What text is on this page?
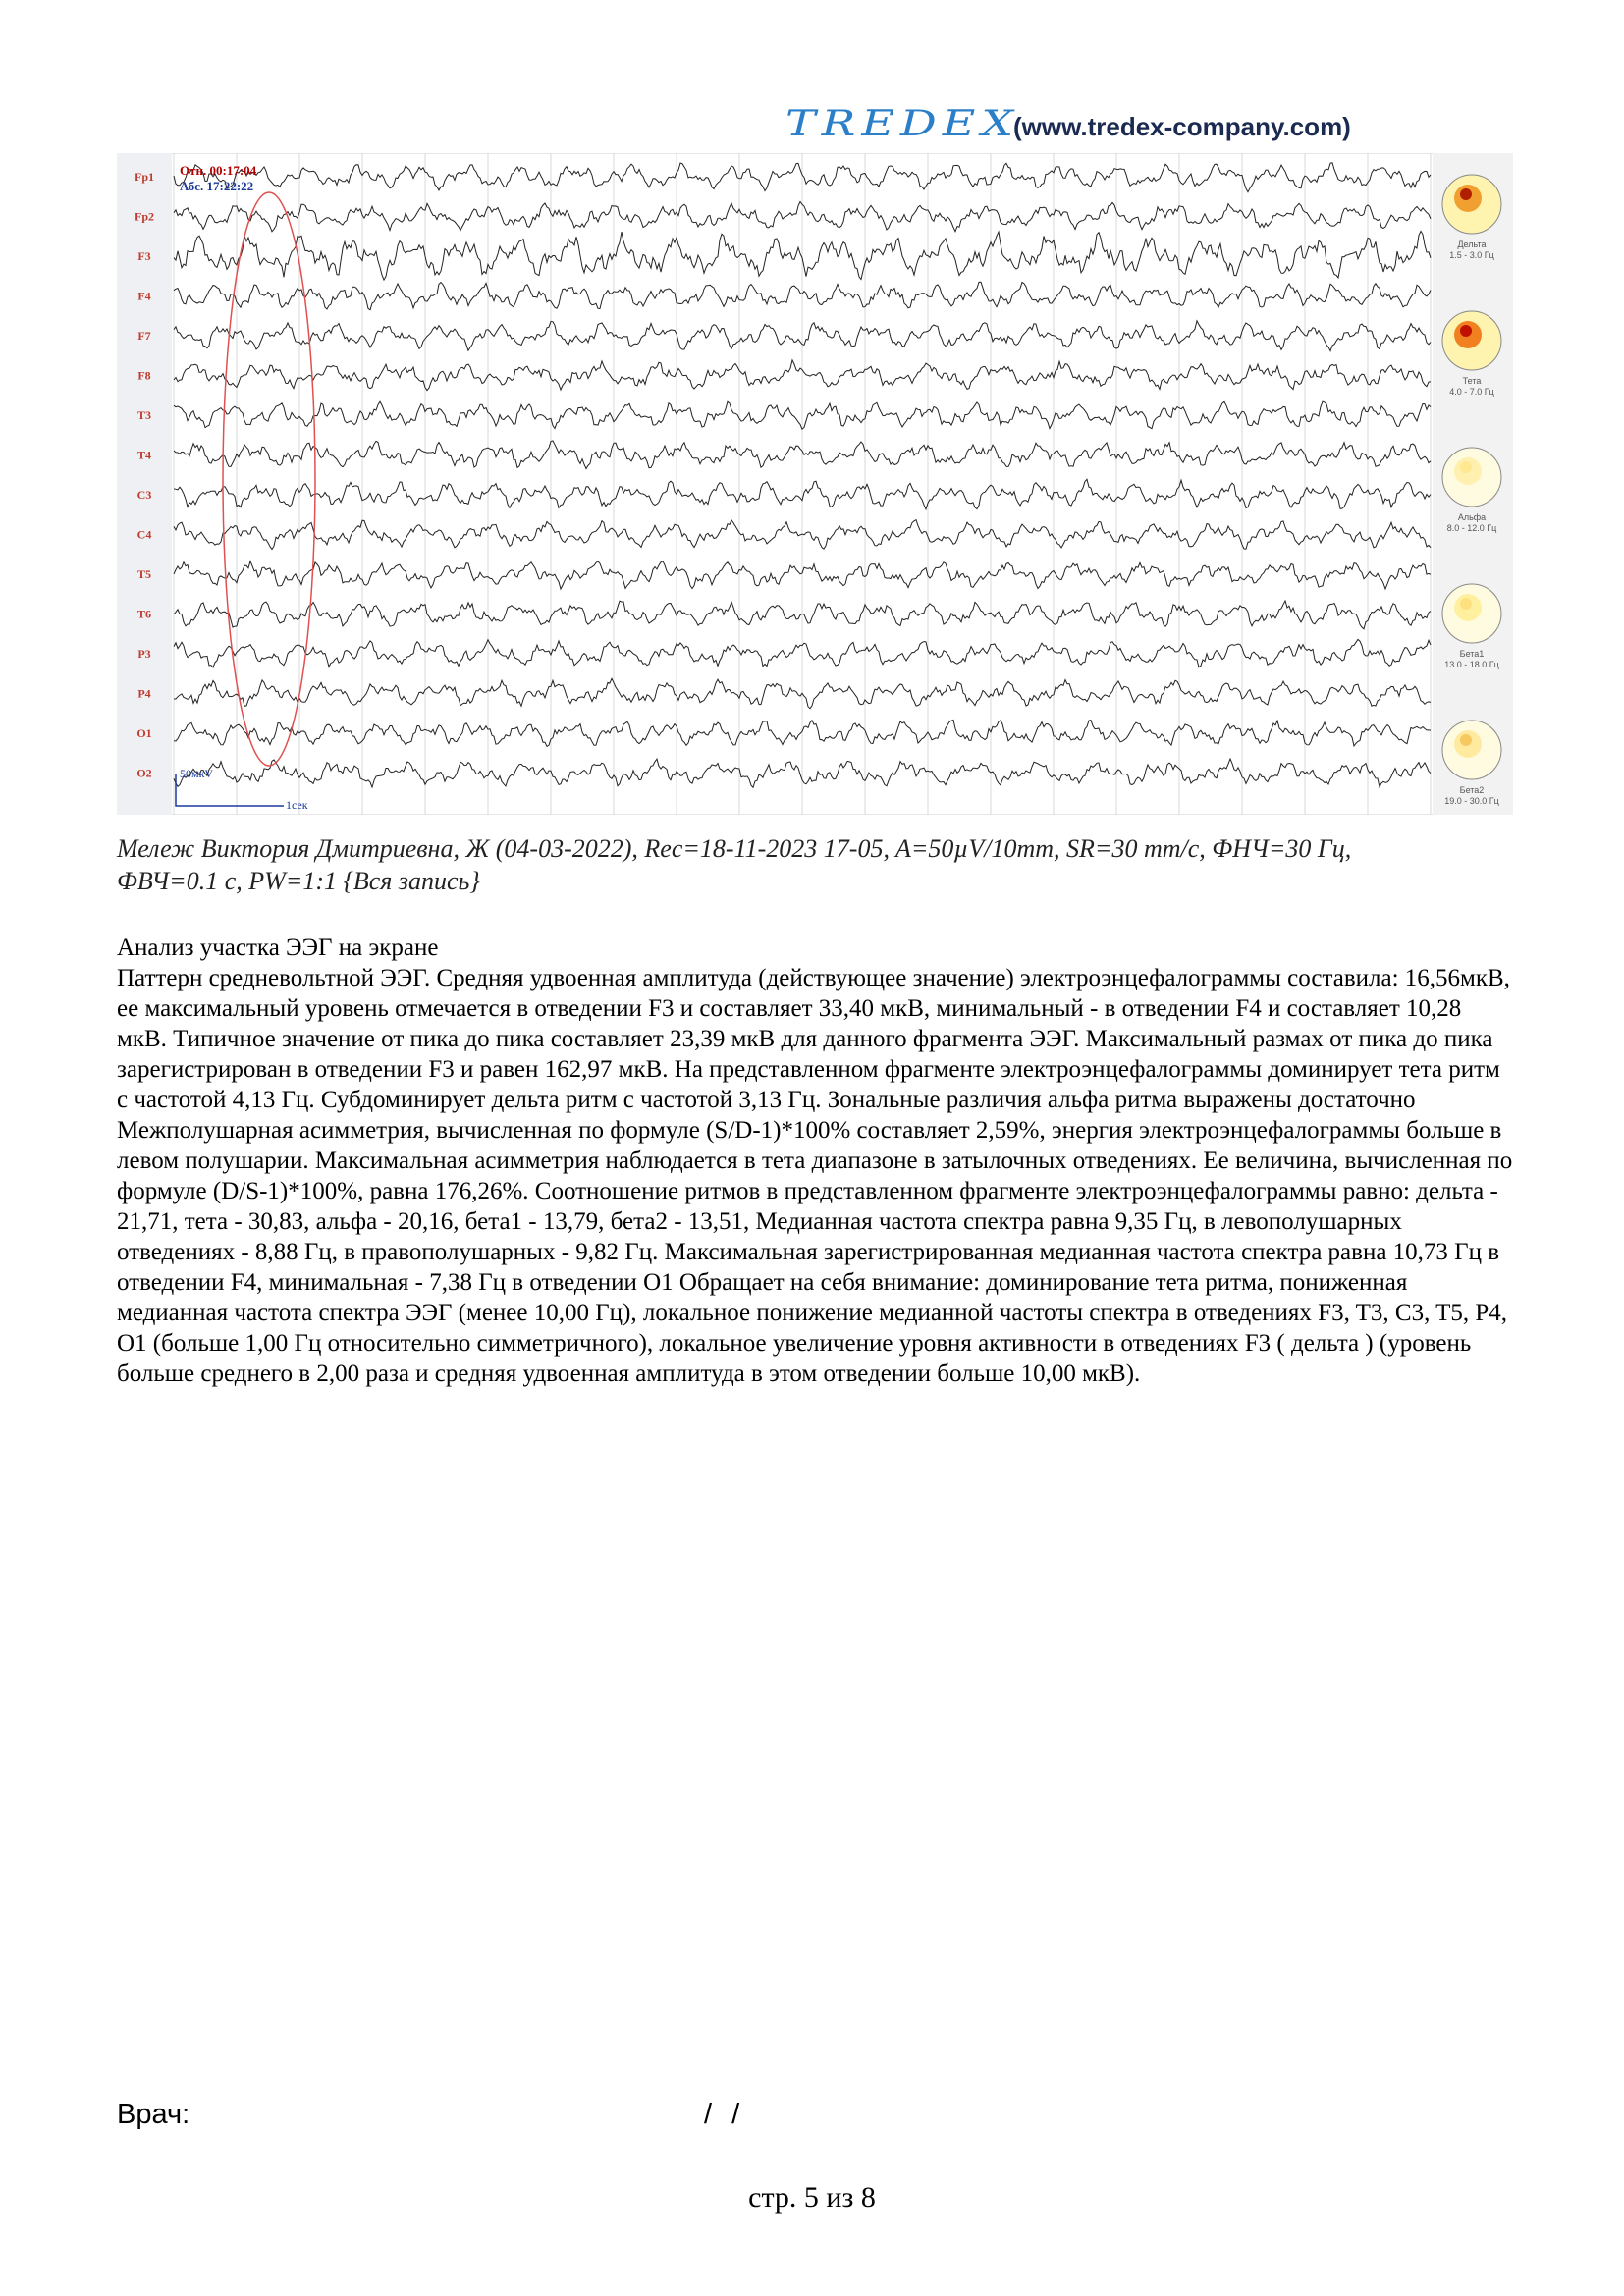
TREDEX
(www.tredex-company.com)
Fp1
Fp2
F3
F4
F7
F8
T3
T4
C3
C4
T5
T6
P3
P4
O1
O2
Отн. 00:17:04
Абс. 17:22:22
50мкV
1сек
Дельта
1.5 - 3.0 Гц
Тета
4.0 - 7.0 Гц
Альфа
8.0 - 12.0 Гц
Бета1
13.0 - 18.0 Гц
Бета2
19.0 - 30.0 Гц
Мележ Виктория Дмитриевна, Ж (04-03-2022), Rec=18-11-2023 17-05, A=50µV/10mm, SR=30 mm/c, ФНЧ=30 Гц,
ФВЧ=0.1 с, PW=1:1 {Вся запись}

Анализ участка ЭЭГ на экране

Паттерн средневольтной ЭЭГ. Средняя удвоенная амплитуда (действующее значение) электроэнцефалограммы составила: 16,56мкВ, ее максимальный уровень отмечается в отведении F3 и составляет 33,40 мкВ, минимальный - в отведении F4 и составляет 10,28 мкВ. Типичное значение от пика до пика составляет 23,39 мкВ для данного фрагмента ЭЭГ. Максимальный размах от пика до пика зарегистрирован в отведении F3 и равен 162,97 мкВ. На представленном фрагменте электроэнцефалограммы доминирует тета ритм с частотой 4,13 Гц. Субдоминирует дельта ритм с частотой 3,13 Гц. Зональные различия альфа ритма выражены достаточно Межполушарная асимметрия, вычисленная по формуле (S/D-1)*100% составляет 2,59%, энергия электроэнцефалограммы больше в левом полушарии. Максимальная асимметрия наблюдается в тета диапазоне в затылочных отведениях. Ее величина, вычисленная по формуле (D/S-1)*100%, равна 176,26%. Соотношение ритмов в представленном фрагменте электроэнцефалограммы равно: дельта - 21,71, тета - 30,83, альфа - 20,16, бета1 - 13,79, бета2 - 13,51, Медианная частота спектра равна 9,35 Гц, в левополушарных отведениях - 8,88 Гц, в правополушарных - 9,82 Гц. Максимальная зарегистрированная медианная частота спектра равна 10,73 Гц в отведении F4, минимальная - 7,38 Гц в отведении O1 Обращает на себя внимание: доминирование тета ритма, пониженная медианная частота спектра ЭЭГ (менее 10,00 Гц), локальное понижение медианной частоты спектра в отведениях F3, T3, C3, T5, P4, O1 (больше 1,00 Гц относительно симметричного), локальное увеличение уровня активности в отведениях F3 ( дельта ) (уровень больше среднего в 2,00 раза и средняя удвоенная амплитуда в этом отведении больше 10,00 мкВ).

Врач:	/ /
стр. 5 из 8
